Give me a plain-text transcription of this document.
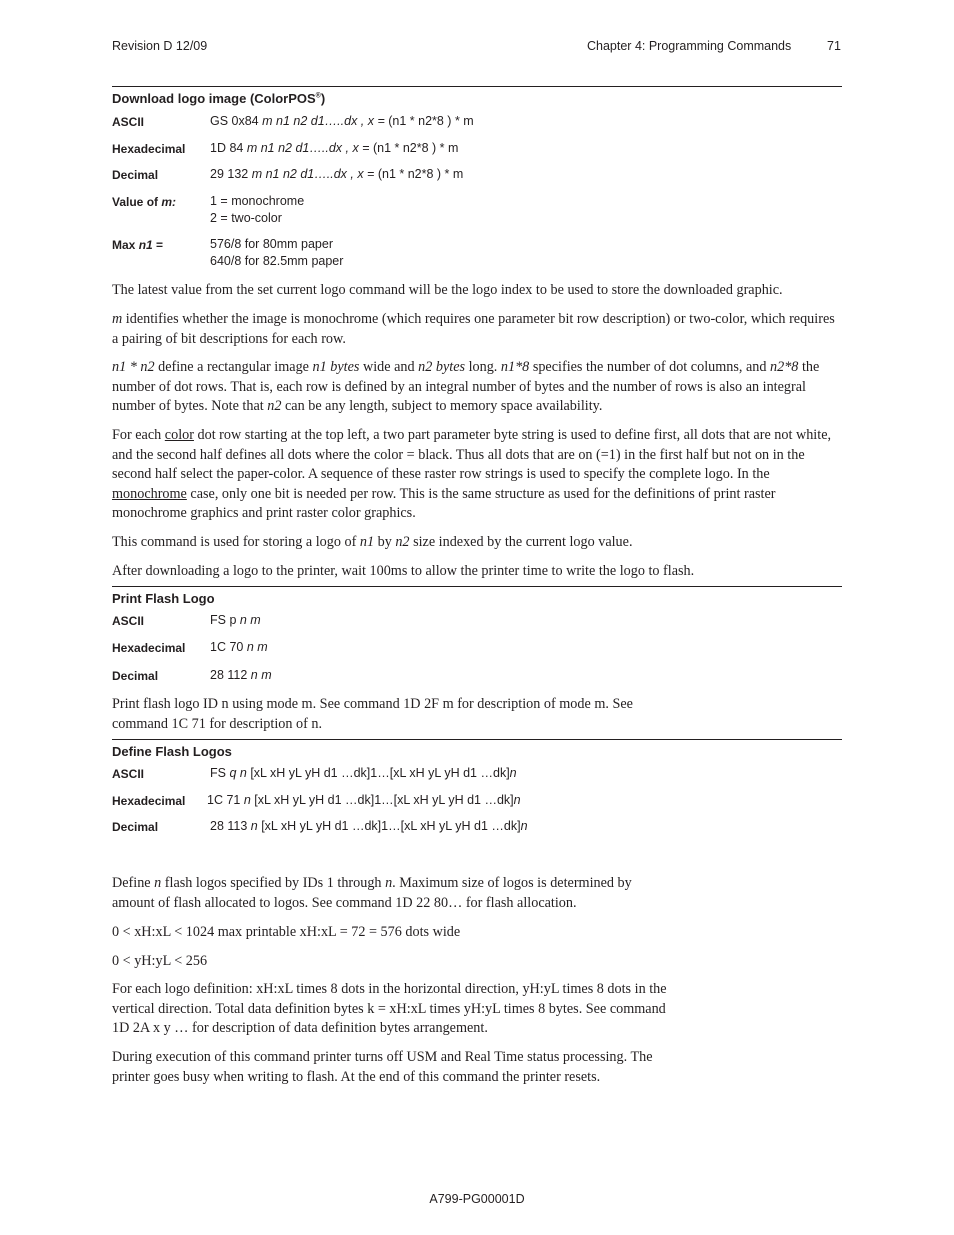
Revision D 12/09	Chapter 4: Programming Commands	71
Download logo image (ColorPOS®)
ASCII	GS 0x84 m n1 n2 d1…..dx , x = (n1 * n2*8 ) * m
Hexadecimal 1D 84 m n1 n2 d1…..dx , x = (n1 * n2*8 ) * m
Decimal	29 132 m n1 n2 d1…..dx , x = (n1 * n2*8 ) * m
Value of m:	1 = monochrome
2 = two-color
Max n1 =	576/8 for 80mm paper
640/8 for 82.5mm paper
The latest value from the set current logo command will be the logo index to be used to store the downloaded graphic.
m identifies whether the image is monochrome (which requires one parameter bit row description) or two-color, which requires a pairing of bit descriptions for each row.
n1 * n2 define a rectangular image n1 bytes wide and n2 bytes long. n1*8 specifies the number of dot columns, and n2*8 the number of dot rows. That is, each row is defined by an integral number of bytes and the number of rows is also an integral number of bytes. Note that n2 can be any length, subject to memory space availability.
For each color dot row starting at the top left, a two part parameter byte string is used to define first, all dots that are not white, and the second half defines all dots where the color = black. Thus all dots that are on (=1) in the first half but not on in the second half select the paper-color. A sequence of these raster row strings is used to specify the complete logo. In the monochrome case, only one bit is needed per row. This is the same structure as used for the definitions of print raster monochrome graphics and print raster color graphics.
This command is used for storing a logo of n1 by n2 size indexed by the current logo value.
After downloading a logo to the printer, wait 100ms to allow the printer time to write the logo to flash.
Print Flash Logo
ASCII	FS p n m
Hexadecimal 1C 70 n m
Decimal	28 112 n m
Print flash logo ID n using mode m. See command 1D 2F m for description of mode m. See
command 1C 71 for description of n.
Define Flash Logos
ASCII	FS q n [xL xH yL yH d1 …dk]1…[xL xH yL yH d1 …dk]n
Hexadecimal 1C 71 n [xL xH yL yH d1 …dk]1…[xL xH yL yH d1 …dk]n
Decimal	28 113 n [xL xH yL yH d1 …dk]1…[xL xH yL yH d1 …dk]n
Define n flash logos specified by IDs 1 through n. Maximum size of logos is determined by
amount of flash allocated to logos. See command 1D 22 80… for flash allocation.
0 < xH:xL < 1024 max printable xH:xL = 72 = 576 dots wide
0 < yH:yL < 256
For each logo definition: xH:xL times 8 dots in the horizontal direction, yH:yL times 8 dots in the
vertical direction. Total data definition bytes k = xH:xL times yH:yL times 8 bytes. See command
1D 2A x y … for description of data definition bytes arrangement.
During execution of this command printer turns off USM and Real Time status processing. The
printer goes busy when writing to flash. At the end of this command the printer resets.
A799-PG00001D
